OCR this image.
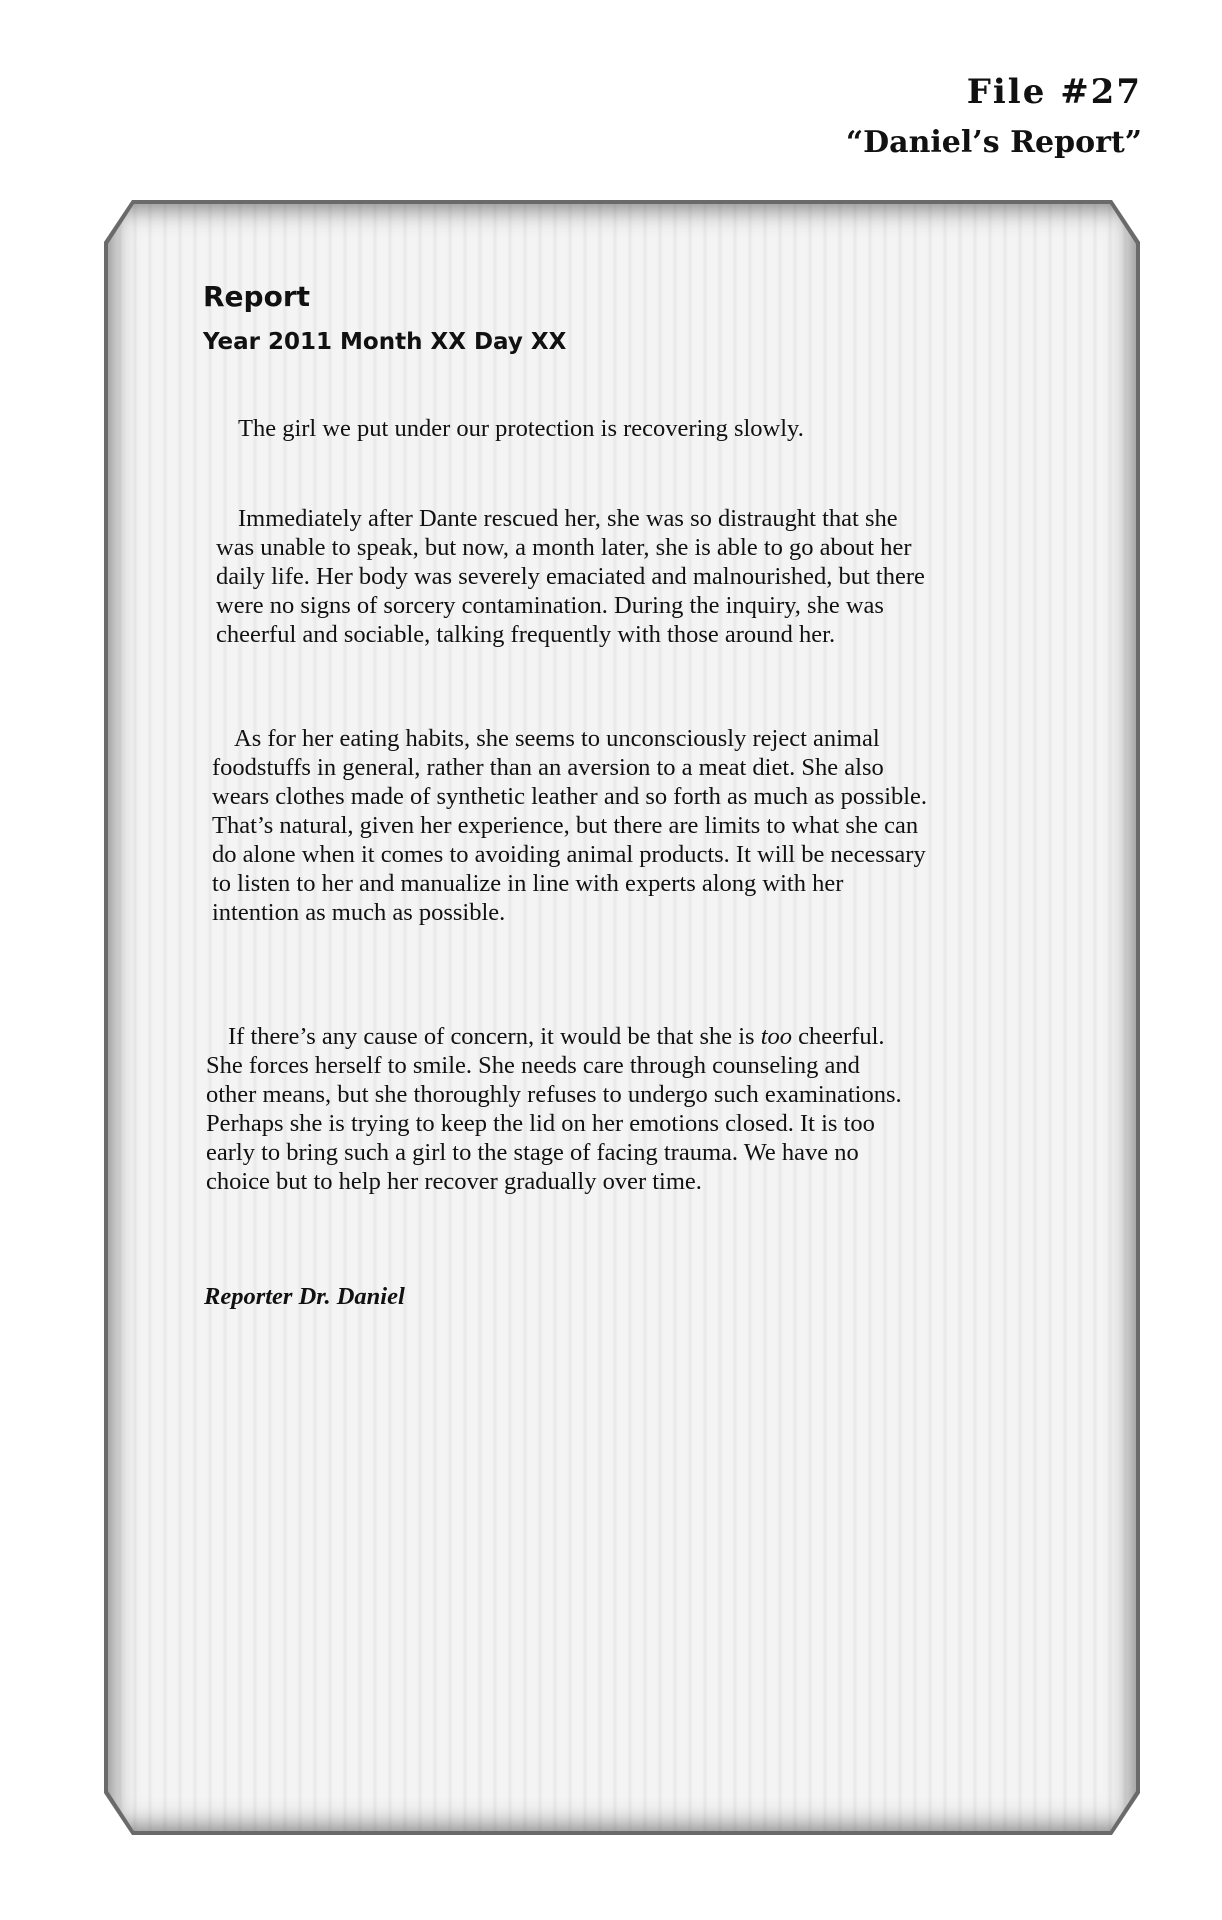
File #27
“Daniel’s Report”
Report
Year 2011 Month XX Day XX
The girl we put under our protection is recovering slowly.
Immediately after Dante rescued her, she was so distraught that she
was unable to speak, but now, a month later, she is able to go about her
daily life. Her body was severely emaciated and malnourished, but there
were no signs of sorcery contamination. During the inquiry, she was
cheerful and sociable, talking frequently with those around her.
As for her eating habits, she seems to unconsciously reject animal
foodstuffs in general, rather than an aversion to a meat diet. She also
wears clothes made of synthetic leather and so forth as much as possible.
That’s natural, given her experience, but there are limits to what she can
do alone when it comes to avoiding animal products. It will be necessary
to listen to her and manualize in line with experts along with her
intention as much as possible.
If there’s any cause of concern, it would be that she is too cheerful.
She forces herself to smile. She needs care through counseling and
other means, but she thoroughly refuses to undergo such examinations.
Perhaps she is trying to keep the lid on her emotions closed. It is too
early to bring such a girl to the stage of facing trauma. We have no
choice but to help her recover gradually over time.
Reporter Dr. Daniel
